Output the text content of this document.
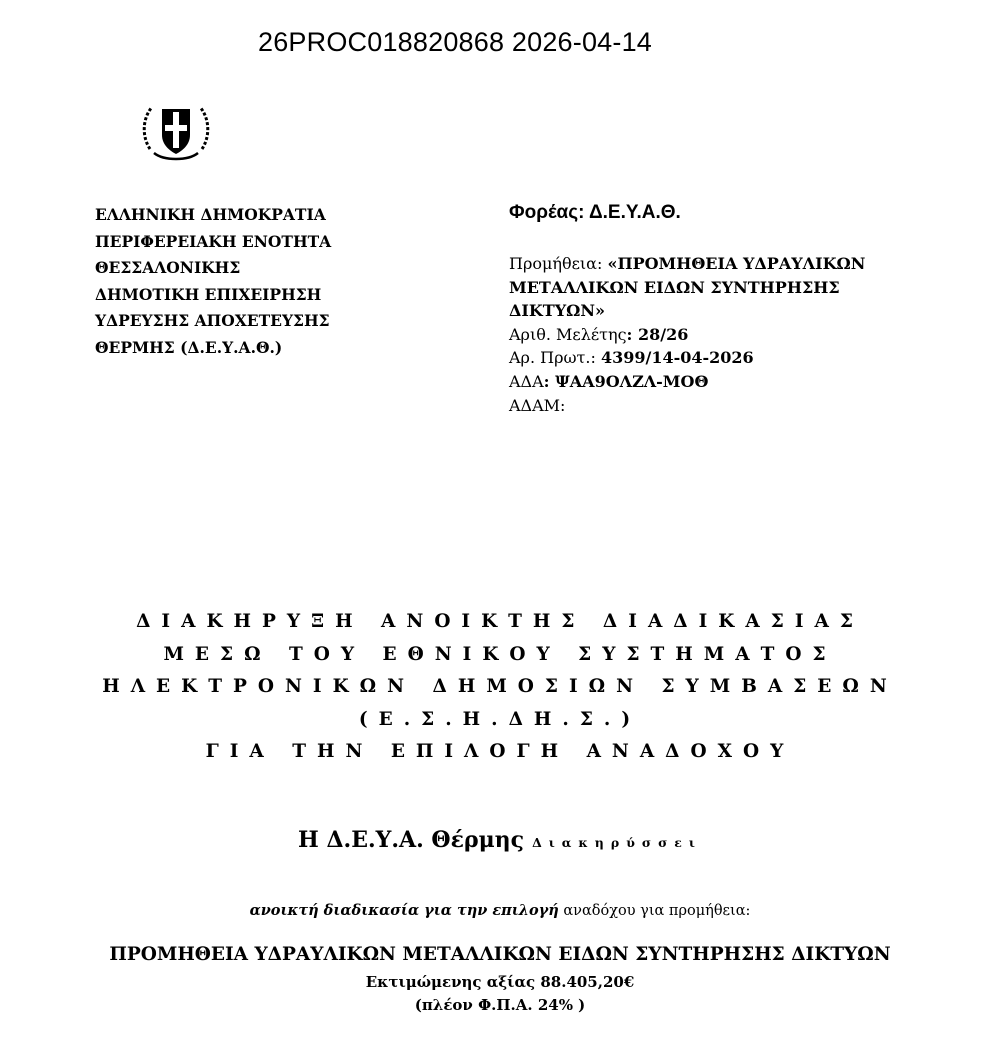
26PROC018820868 2026-04-14
ΕΛΛΗΝΙΚΗ ΔΗΜΟΚΡΑΤΙΑ
ΠΕΡΙΦΕΡΕΙΑΚΗ ΕΝΟΤΗΤΑ
ΘΕΣΣΑΛΟΝΙΚΗΣ
ΔΗΜΟΤΙΚΗ ΕΠΙΧΕΙΡΗΣΗ
ΥΔΡΕΥΣΗΣ ΑΠΟΧΕΤΕΥΣΗΣ
ΘΕΡΜΗΣ (Δ.Ε.Υ.Α.Θ.)
Φορέας: Δ.Ε.Υ.Α.Θ.
Προμήθεια: «ΠΡΟΜΗΘΕΙΑ ΥΔΡΑΥΛΙΚΩΝ
ΜΕΤΑΛΛΙΚΩΝ ΕΙΔΩΝ ΣΥΝΤΗΡΗΣΗΣ
ΔΙΚΤΥΩΝ»
Αριθ. Μελέτης: 28/26
Αρ. Πρωτ.: 4399/14-04-2026
ΑΔΑ: ΨΑΑ9ΟΛΖΛ-ΜΟΘ
ΑΔΑΜ:
ΔΙΑΚΗΡΥΞΗ ΑΝΟΙΚΤΗΣ ΔΙΑΔΙΚΑΣΙΑΣ
ΜΕΣΩ ΤΟΥ ΕΘΝΙΚΟΥ ΣΥΣΤΗΜΑΤΟΣ
ΗΛΕΚΤΡΟΝΙΚΩΝ ΔΗΜΟΣΙΩΝ ΣΥΜΒΑΣΕΩΝ
(Ε.Σ.Η.ΔΗ.Σ.)
ΓΙΑ ΤΗΝ ΕΠΙΛΟΓΗ ΑΝΑΔΟΧΟΥ
Η Δ.Ε.Υ.Α. Θέρμης Διακηρύσσει
ανοικτή διαδικασία για την επιλογή αναδόχου για προμήθεια:
ΠΡΟΜΗΘΕΙΑ ΥΔΡΑΥΛΙΚΩΝ ΜΕΤΑΛΛΙΚΩΝ ΕΙΔΩΝ ΣΥΝΤΗΡΗΣΗΣ ΔΙΚΤΥΩΝ
Εκτιμώμενης αξίας 88.405,20€
(πλέον Φ.Π.Α. 24% )
